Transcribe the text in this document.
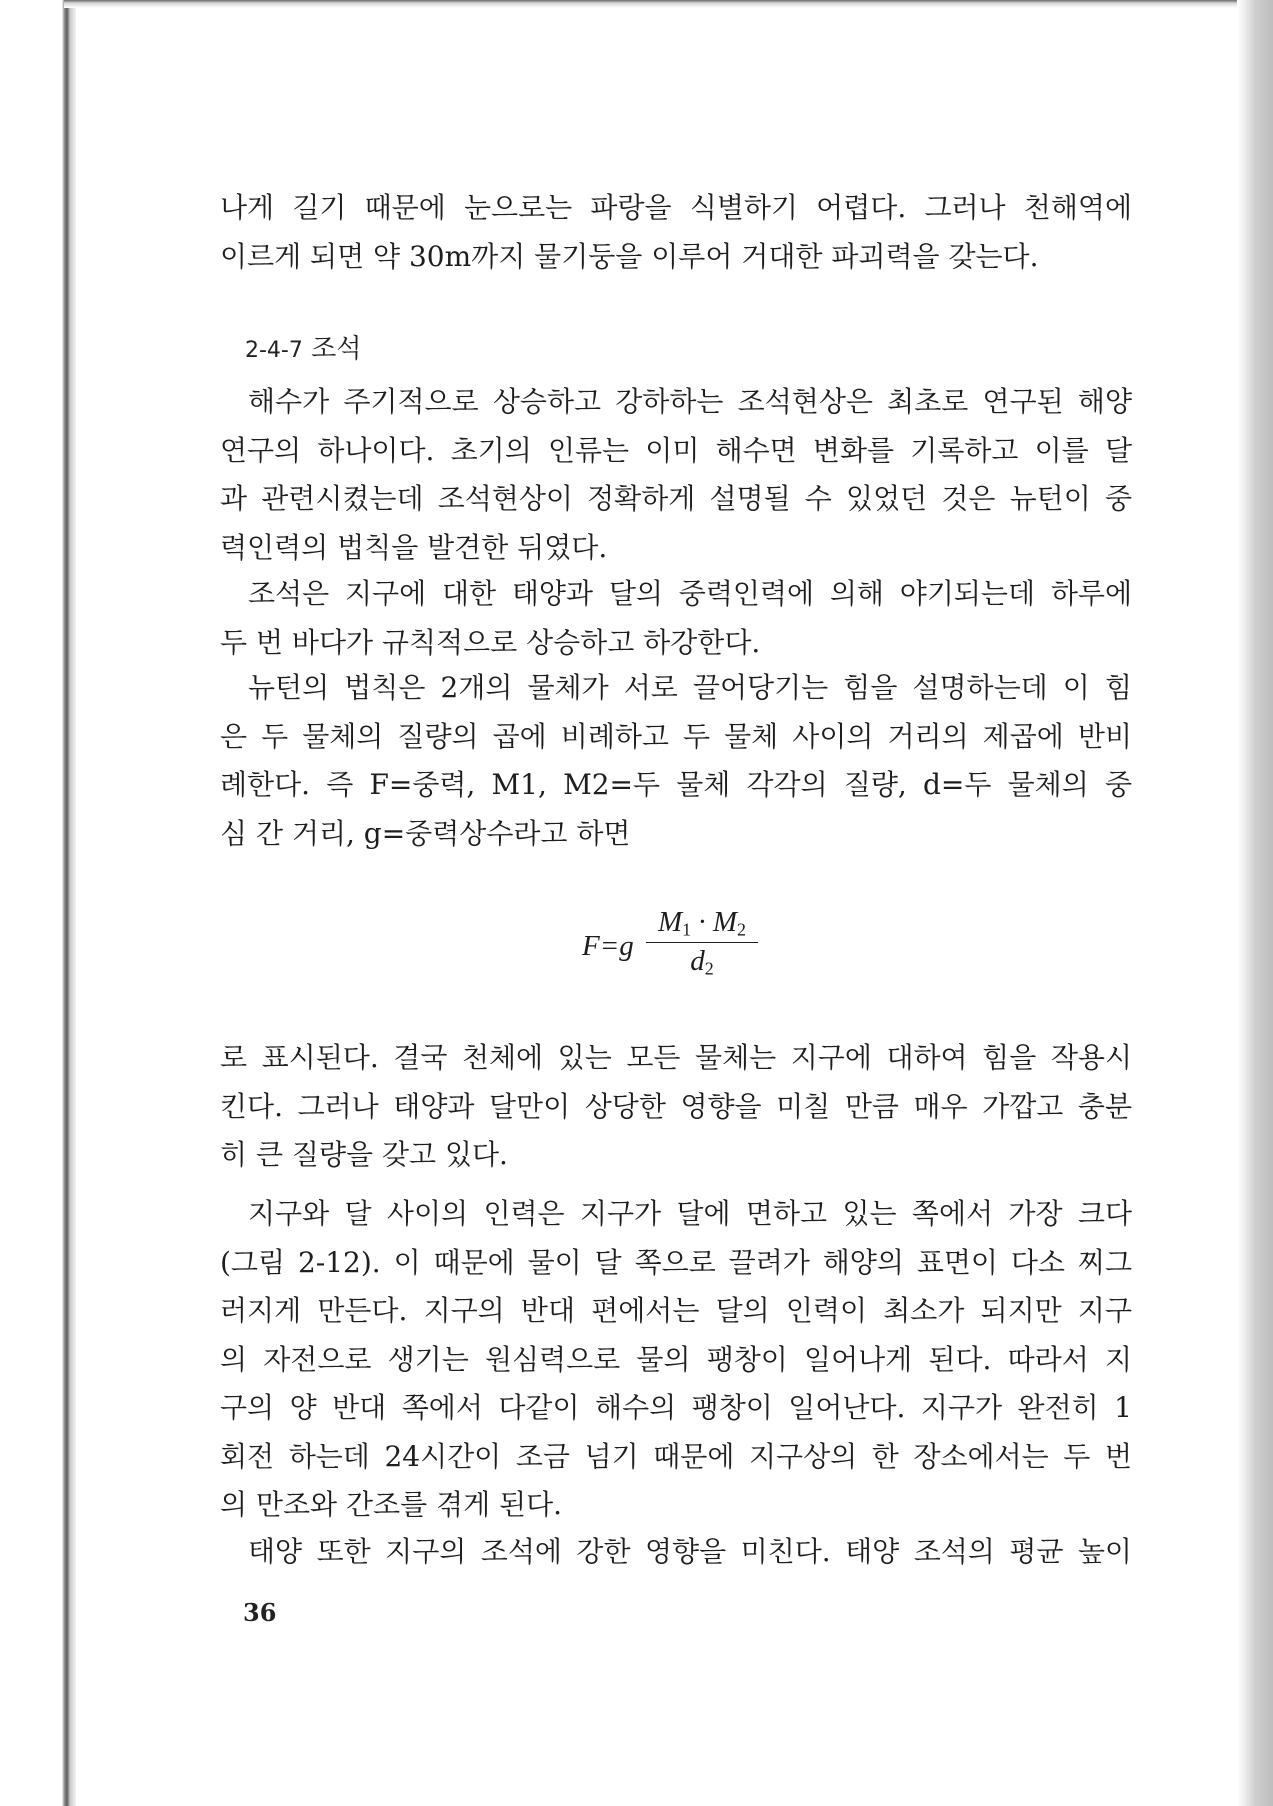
나게 길기 때문에 눈으로는 파랑을 식별하기 어렵다. 그러나 천해역에
이르게 되면 약 30m까지 물기둥을 이루어 거대한 파괴력을 갖는다.
2-4-7 조석
해수가 주기적으로 상승하고 강하하는 조석현상은 최초로 연구된 해양
연구의 하나이다. 초기의 인류는 이미 해수면 변화를 기록하고 이를 달
과 관련시켰는데 조석현상이 정확하게 설명될 수 있었던 것은 뉴턴이 중
력인력의 법칙을 발견한 뒤였다.
조석은 지구에 대한 태양과 달의 중력인력에 의해 야기되는데 하루에
두 번 바다가 규칙적으로 상승하고 하강한다.
뉴턴의 법칙은 2개의 물체가 서로 끌어당기는 힘을 설명하는데 이 힘
은 두 물체의 질량의 곱에 비례하고 두 물체 사이의 거리의 제곱에 반비
례한다. 즉 F=중력, M1, M2=두 물체 각각의 질량, d=두 물체의 중
심 간 거리, g=중력상수라고 하면
F=g
$M_1 \cdot M_2$
$d_2$
로 표시된다. 결국 천체에 있는 모든 물체는 지구에 대하여 힘을 작용시
킨다. 그러나 태양과 달만이 상당한 영향을 미칠 만큼 매우 가깝고 충분
히 큰 질량을 갖고 있다.
지구와 달 사이의 인력은 지구가 달에 면하고 있는 쪽에서 가장 크다
(그림 2-12). 이 때문에 물이 달 쪽으로 끌려가 해양의 표면이 다소 찌그
러지게 만든다. 지구의 반대 편에서는 달의 인력이 최소가 되지만 지구
의 자전으로 생기는 원심력으로 물의 팽창이 일어나게 된다. 따라서 지
구의 양 반대 쪽에서 다같이 해수의 팽창이 일어난다. 지구가 완전히 1
회전 하는데 24시간이 조금 넘기 때문에 지구상의 한 장소에서는 두 번
의 만조와 간조를 겪게 된다.
태양 또한 지구의 조석에 강한 영향을 미친다. 태양 조석의 평균 높이
36
